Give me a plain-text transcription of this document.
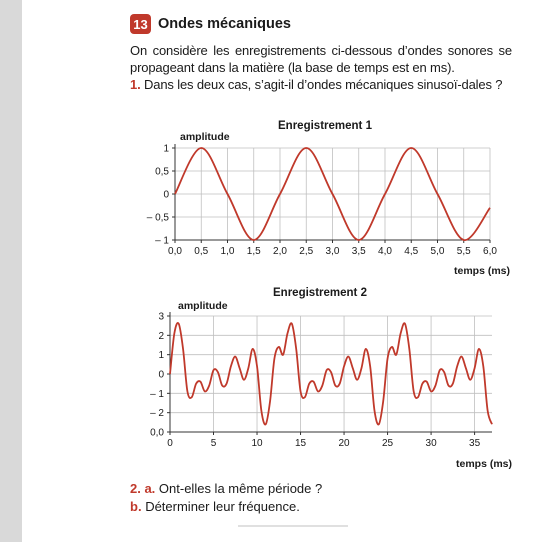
13 Ondes mécaniques

On considère les enregistrements ci-dessous d’ondes sonores se propageant dans la matière (la base de temps est en ms).

1. Dans les deux cas, s’agit-il d’ondes mécaniques sinusoï-dales ?

Enregistrement 1
amplitude
temps (ms)
0,0 0,5 1,0 1,5 2,0 2,5 3,0 3,5 4,0 4,5 5,0 5,5 6,0
1
0,5
0
– 0,5
– 1
Enregistrement 2
amplitude
temps (ms)
0	5	10	15	20	25	30	35
3
2
1
0
– 1
– 2
0,0

2. a. Ont-elles la même période ?

b. Déterminer leur fréquence.
